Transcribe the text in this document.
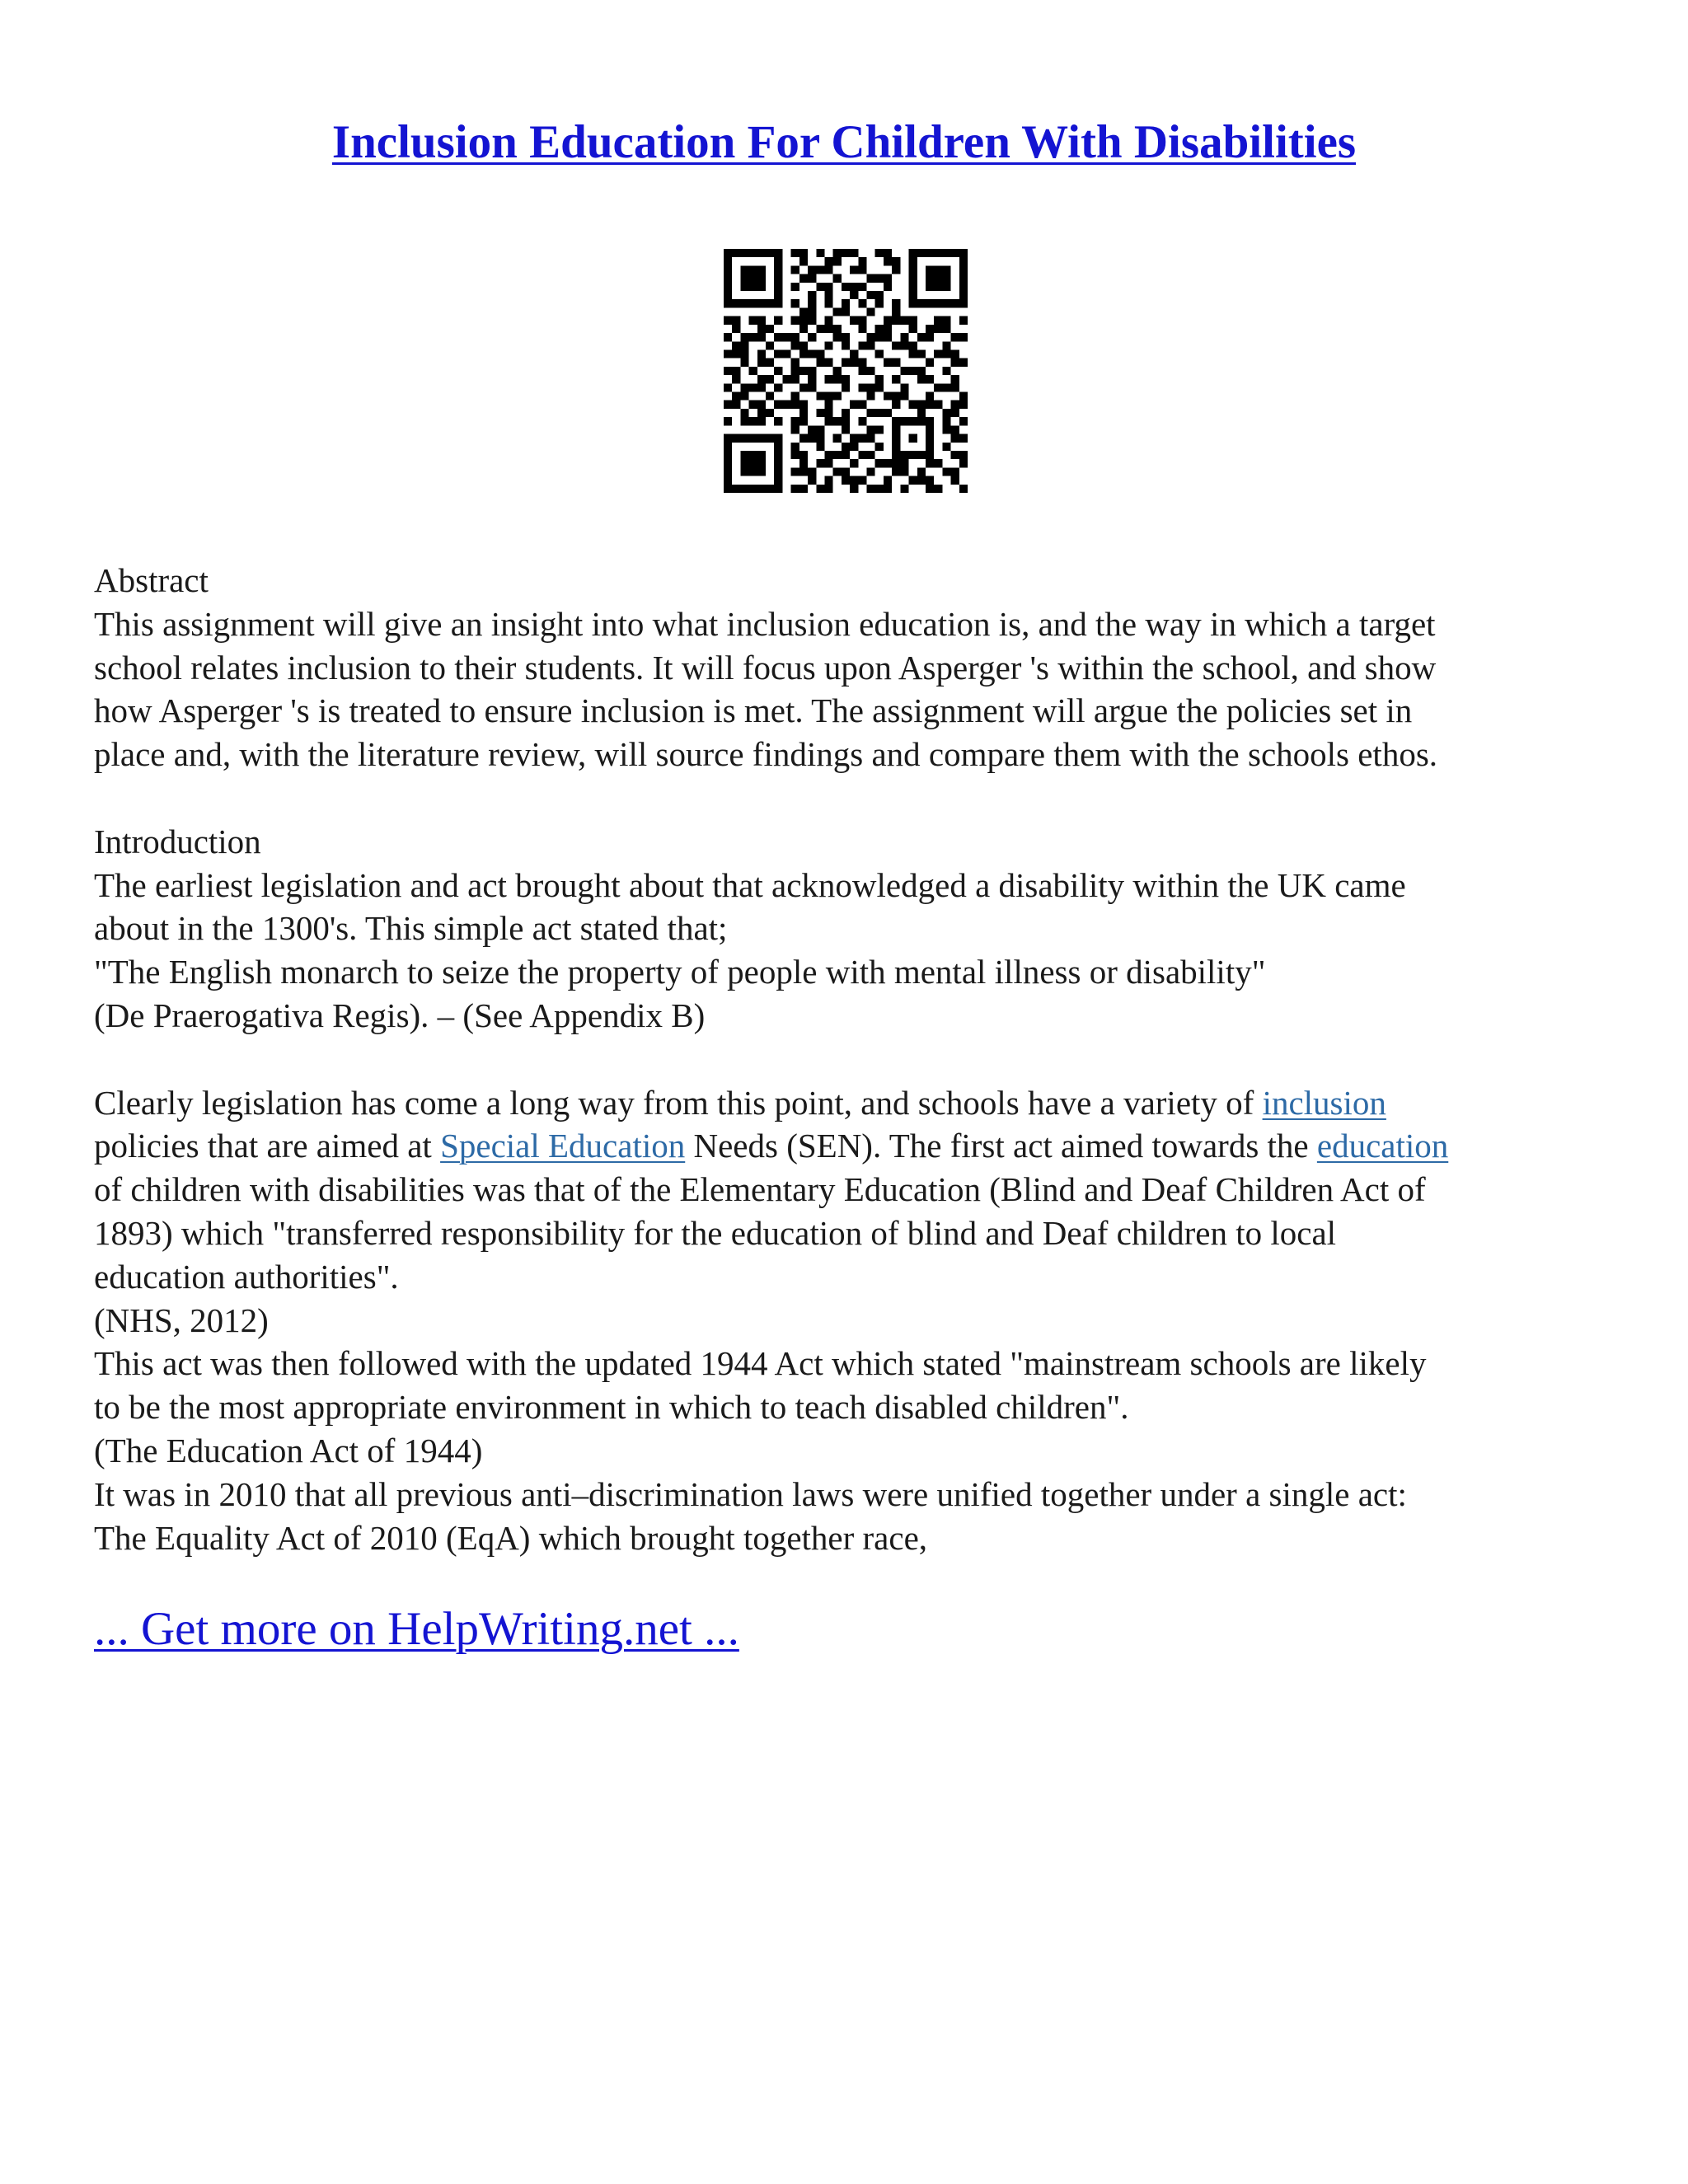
Inclusion Education For Children With Disabilities
Abstract
This assignment will give an insight into what inclusion education is, and the way in which a target
school relates inclusion to their students. It will focus upon Asperger 's within the school, and show
how Asperger 's is treated to ensure inclusion is met. The assignment will argue the policies set in
place and, with the literature review, will source findings and compare them with the schools ethos.
Introduction
The earliest legislation and act brought about that acknowledged a disability within the UK came
about in the 1300's. This simple act stated that;
"The English monarch to seize the property of people with mental illness or disability"
(De Praerogativa Regis). – (See Appendix B)
Clearly legislation has come a long way from this point, and schools have a variety of inclusion
policies that are aimed at Special Education Needs (SEN). The first act aimed towards the education
of children with disabilities was that of the Elementary Education (Blind and Deaf Children Act of
1893) which "transferred responsibility for the education of blind and Deaf children to local
education authorities".
(NHS, 2012)
This act was then followed with the updated 1944 Act which stated "mainstream schools are likely
to be the most appropriate environment in which to teach disabled children".
(The Education Act of 1944)
It was in 2010 that all previous anti–discrimination laws were unified together under a single act:
The Equality Act of 2010 (EqA) which brought together race,
... Get more on HelpWriting.net ...
